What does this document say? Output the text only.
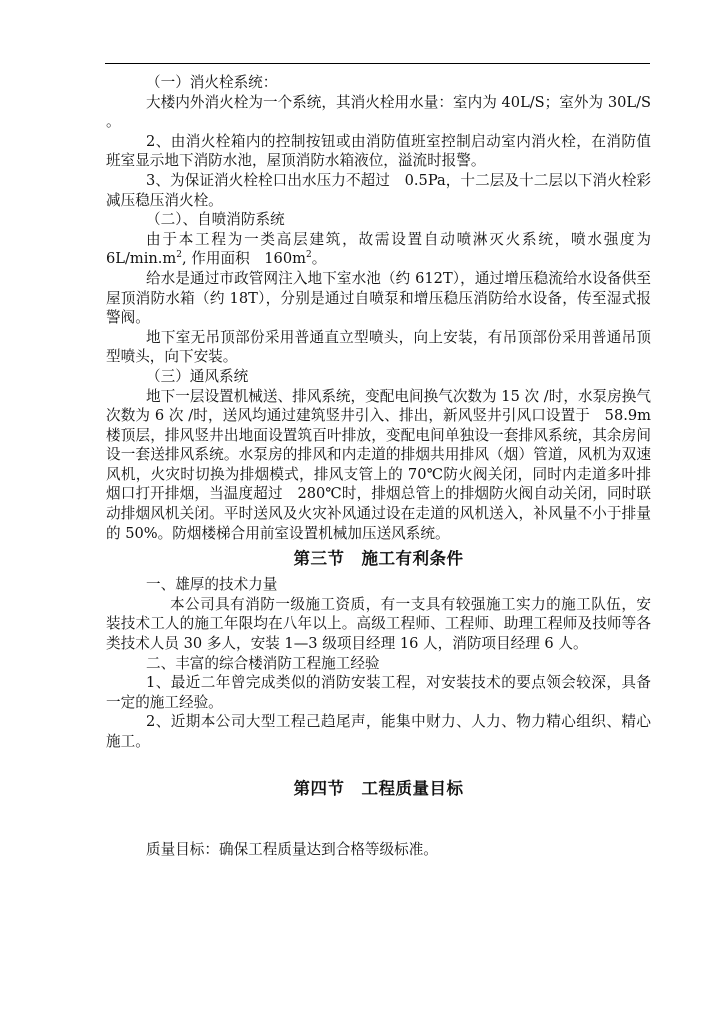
（一）消火栓系统：

大楼内外消火栓为一个系统，其消火栓用水量：室内为 40L/S；室外为 30L/S 。

2、由消火栓箱内的控制按钮或由消防值班室控制启动室内消火栓，在消防值班室显示地下消防水池，屋顶消防水箱液位，溢流时报警。

3、为保证消火栓栓口出水压力不超过　0.5Pa，十二层及十二层以下消火栓彩减压稳压消火栓。

（二）、自喷消防系统

由于本工程为一类高层建筑，故需设置自动喷淋灭火系统，喷水强度为 $6L/\min.m^2$, 作用面积　$160m^2$。

给水是通过市政管网注入地下室水池（约 612T），通过增压稳流给水设备供至屋顶消防水箱（约 18T），分别是通过自喷泵和增压稳压消防给水设备，传至湿式报警阀。

地下室无吊顶部份采用普通直立型喷头，向上安装，有吊顶部份采用普通吊顶型喷头，向下安装。

（三）通风系统

地下一层设置机械送、排风系统，变配电间换气次数为 15 次 /时，水泵房换气次数为 6 次 /时，送风均通过建筑竖井引入、排出，新风竖井引风口设置于　58.9m 楼顶层，排风竖井出地面设置筑百叶排放，变配电间单独设一套排风系统，其余房间设一套送排风系统。水泵房的排风和内走道的排烟共用排风（烟）管道，风机为双速风机，火灾时切换为排烟模式，排风支管上的 70℃防火阀关闭，同时内走道多叶排烟口打开排烟，当温度超过　280℃时，排烟总管上的排烟防火阀自动关闭，同时联动排烟风机关闭。平时送风及火灾补风通过设在走道的风机送入，补风量不小于排量的 50%。防烟楼梯合用前室设置机械加压送风系统。

第三节　施工有利条件

一、雄厚的技术力量

本公司具有消防一级施工资质，有一支具有较强施工实力的施工队伍，安装技术工人的施工年限均在八年以上。高级工程师、工程师、助理工程师及技师等各类技术人员 30 多人，安装 1—3 级项目经理 16 人，消防项目经理 6 人。

二、丰富的综合楼消防工程施工经验

1、最近二年曾完成类似的消防安装工程，对安装技术的要点领会较深，具备一定的施工经验。

2、近期本公司大型工程己趋尾声，能集中财力、人力、物力精心组织、精心施工。

第四节　工程质量目标

质量目标：确保工程质量达到合格等级标准。
